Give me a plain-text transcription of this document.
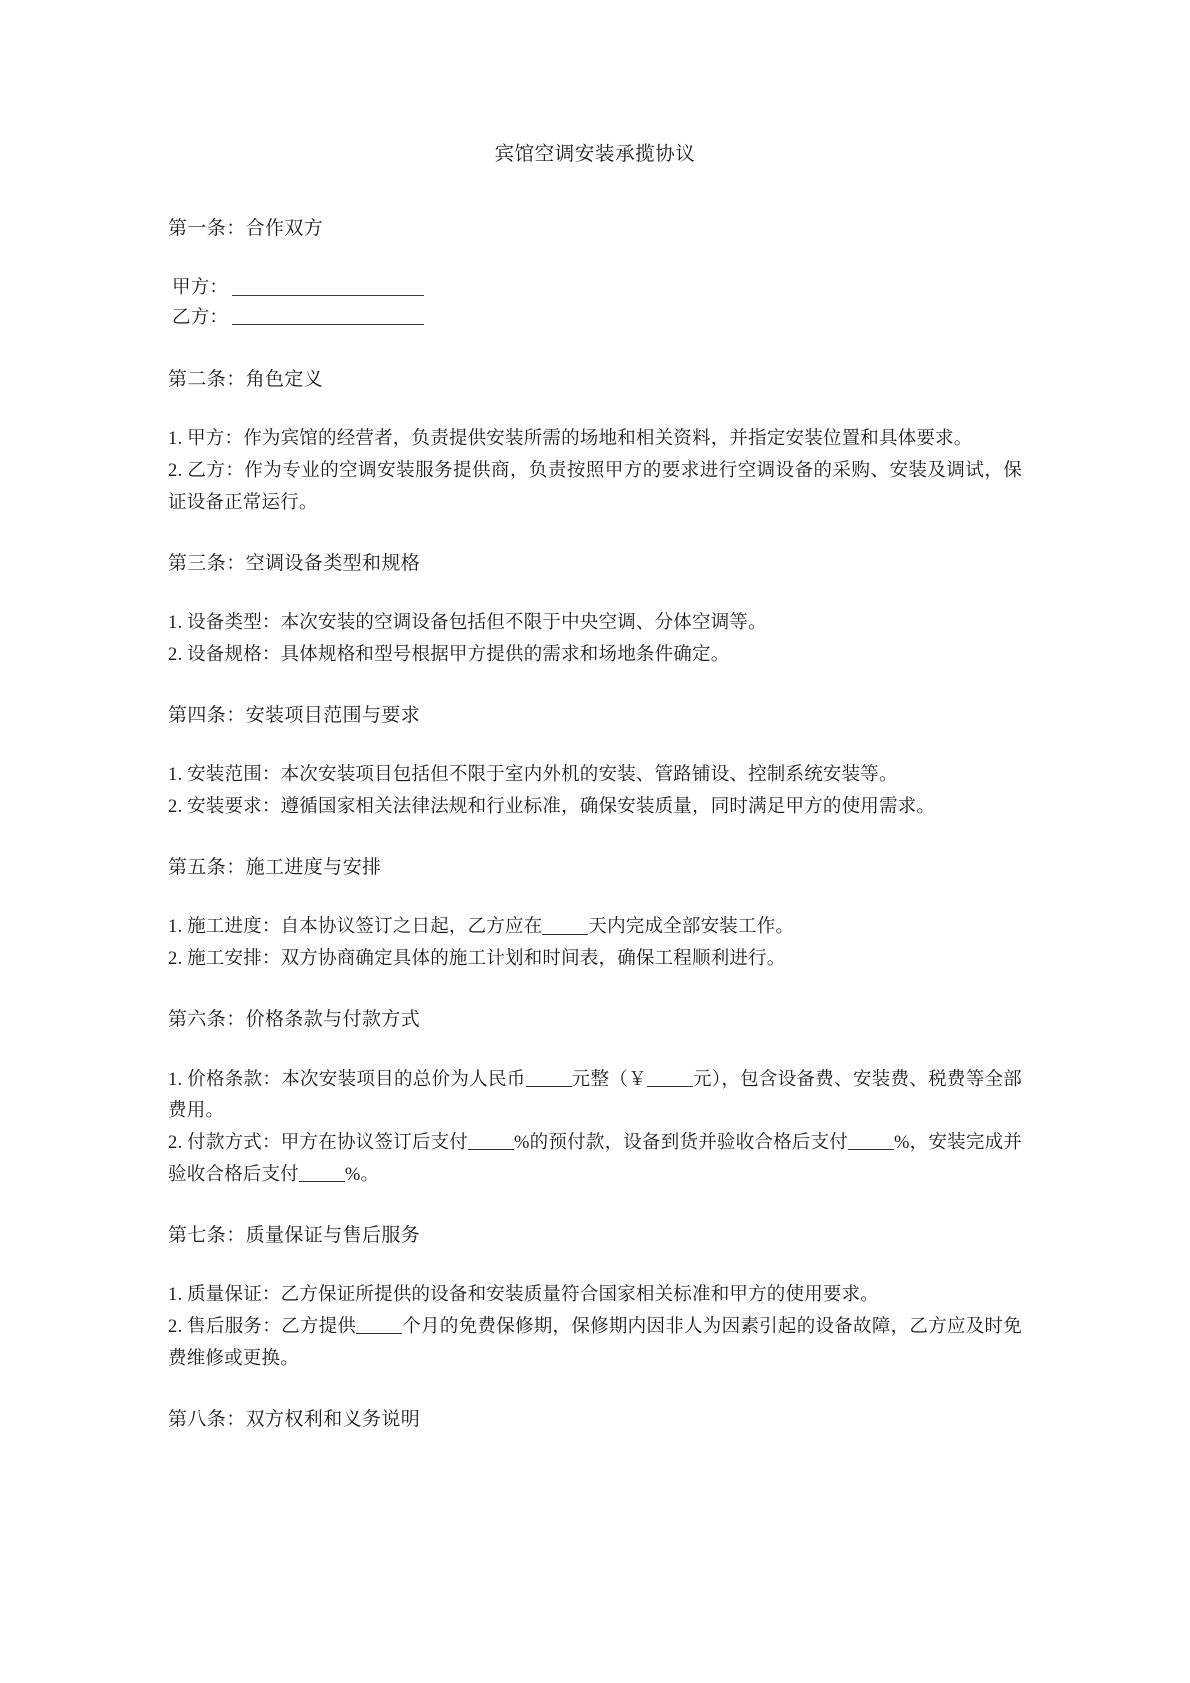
宾馆空调安装承揽协议
第一条：合作双方
甲方：
乙方：
第二条：角色定义
1. 甲方：作为宾馆的经营者，负责提供安装所需的场地和相关资料，并指定安装位置和具体要求。
2. 乙方：作为专业的空调安装服务提供商，负责按照甲方的要求进行空调设备的采购、安装及调试，保证设备正常运行。
第三条：空调设备类型和规格
1. 设备类型：本次安装的空调设备包括但不限于中央空调、分体空调等。
2. 设备规格：具体规格和型号根据甲方提供的需求和场地条件确定。
第四条：安装项目范围与要求
1. 安装范围：本次安装项目包括但不限于室内外机的安装、管路铺设、控制系统安装等。
2. 安装要求：遵循国家相关法律法规和行业标准，确保安装质量，同时满足甲方的使用需求。
第五条：施工进度与安排
1. 施工进度：自本协议签订之日起，乙方应在 天内完成全部安装工作。
2. 施工安排：双方协商确定具体的施工计划和时间表，确保工程顺利进行。
第六条：价格条款与付款方式
1. 价格条款：本次安装项目的总价为人民币 元整（￥ 元），包含设备费、安装费、税费等全部费用。
2. 付款方式：甲方在协议签订后支付 %的预付款，设备到货并验收合格后支付 %，安装完成并验收合格后支付 %。
第七条：质量保证与售后服务
1. 质量保证：乙方保证所提供的设备和安装质量符合国家相关标准和甲方的使用要求。
2. 售后服务：乙方提供 个月的免费保修期，保修期内因非人为因素引起的设备故障，乙方应及时免费维修或更换。
第八条：双方权利和义务说明
